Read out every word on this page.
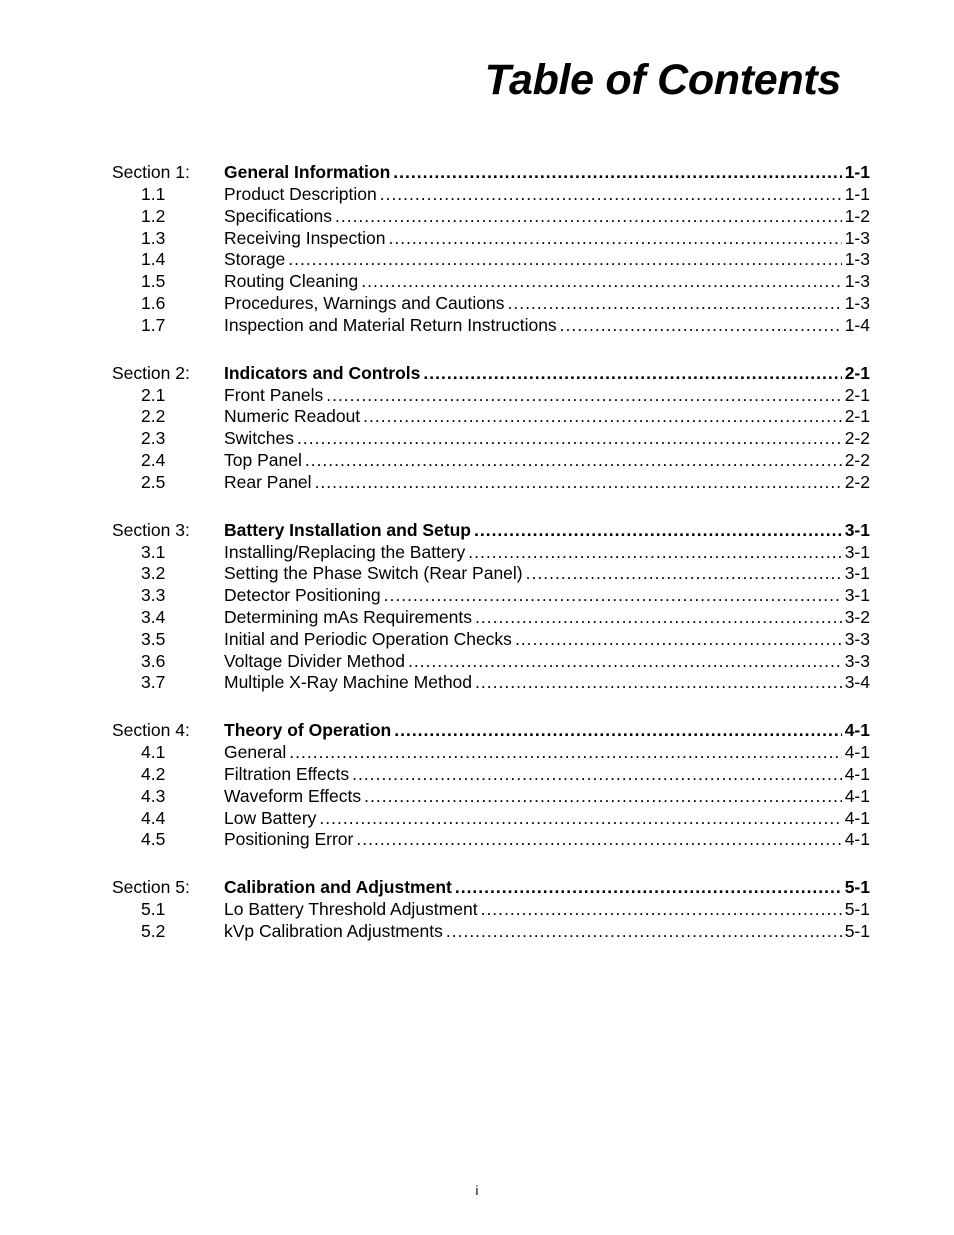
Table of Contents
Section 1:	General Information .....	1-1
1.1	Product Description .....	1-1
1.2	Specifications .....	1-2
1.3	Receiving Inspection .....	1-3
1.4	Storage .....	1-3
1.5	Routing Cleaning .....	1-3
1.6	Procedures, Warnings and Cautions .....	1-3
1.7	Inspection and Material Return Instructions .....	1-4
Section 2:	Indicators and Controls .....	2-1
2.1	Front Panels .....	2-1
2.2	Numeric Readout .....	2-1
2.3	Switches .....	2-2
2.4	Top Panel .....	2-2
2.5	Rear Panel .....	2-2
Section 3:	Battery Installation and Setup .....	3-1
3.1	Installing/Replacing the Battery .....	3-1
3.2	Setting the Phase Switch (Rear Panel) .....	3-1
3.3	Detector Positioning .....	3-1
3.4	Determining mAs Requirements .....	3-2
3.5	Initial and Periodic Operation Checks .....	3-3
3.6	Voltage Divider Method .....	3-3
3.7	Multiple X-Ray Machine Method .....	3-4
Section 4:	Theory of Operation .....	4-1
4.1	General .....	4-1
4.2	Filtration Effects .....	4-1
4.3	Waveform Effects .....	4-1
4.4	Low Battery .....	4-1
4.5	Positioning Error .....	4-1
Section 5:	Calibration and Adjustment .....	5-1
5.1	Lo Battery Threshold Adjustment .....	5-1
5.2	kVp Calibration Adjustments .....	5-1
i
